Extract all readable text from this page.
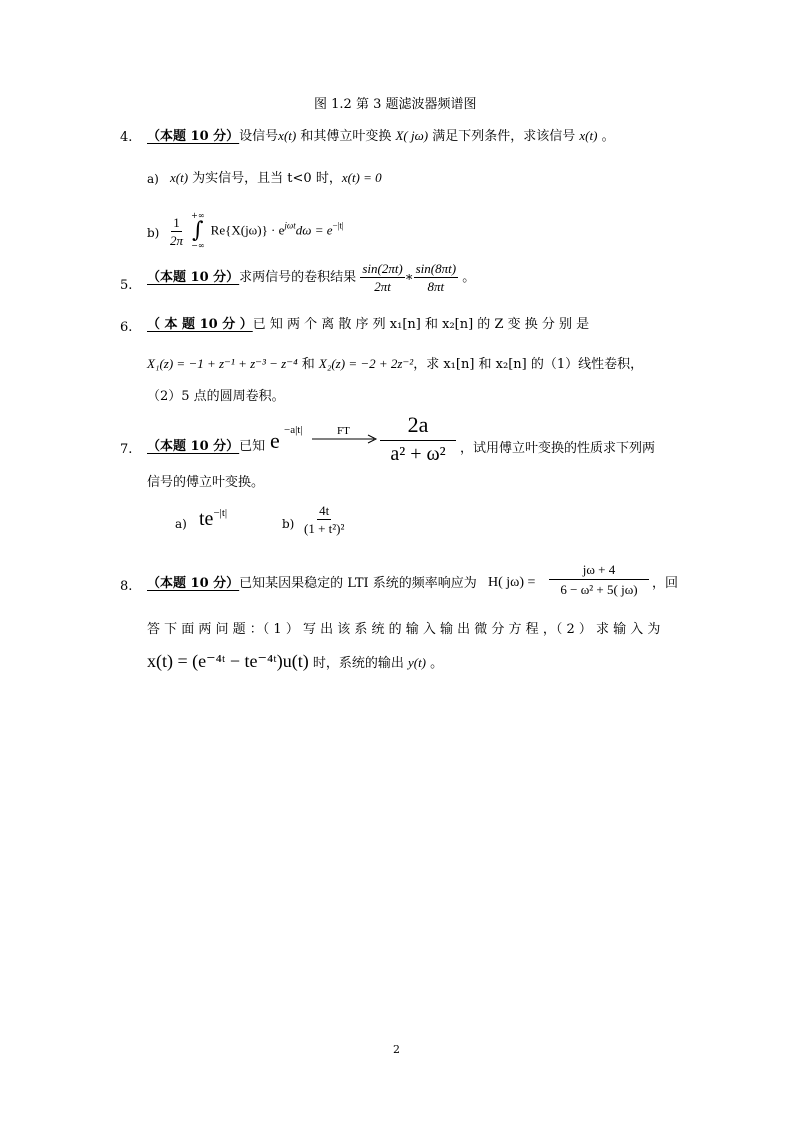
图 1.2 第 3 题滤波器频谱图
4. （本题 10 分）设信号x(t) 和其傅立叶变换 X( jω) 满足下列条件，求该信号 x(t) 。
a) x(t) 为实信号，且当 t<0 时，x(t) = 0
$b) \frac{1}{2\pi}$
+∞
∫
−∞
$Re\{X(j\omega)\} \cdot e^{j\omega t}d\omega = e^{-|t|}$
5.
（本题 10 分）求两信号的卷积结果 $\frac{\sin(2\pi t)}{2\pi t}$ ∗ $\frac{\sin(8\pi t)}{8\pi t}$ 。
6. （ 本 题 10 分 ）已 知 两 个 离 散 序 列 x₁[n] 和 x₂[n] 的 Z 变 换 分 别 是
X₁(z) = −1 + z⁻¹ + z⁻³ − z⁻⁴ 和 X₂(z) = −2 + 2z⁻²，求 x₁[n] 和 x₂[n] 的（1）线性卷积，
（2）5 点的圆周卷积。
7. （本题 10 分）已知 e −a|t|	FT	2a
a² + ω² ，试用傅立叶变换的性质求下列两
信号的傅立叶变换。
a) $te^{-|t|}$
$b) \frac{4t}{\text{(1 + t²)²}}$
8. （本题 10 分）已知某因果稳定的 LTI 系统的频率响应为 H( jω) =
jω + 4
6 − ω² + 5( jω) ，回
答 下 面 两 问 题 ：（ 1 ） 写 出 该 系 统 的 输 入 输 出 微 分 方 程 ，（ 2 ） 求 输 入 为
x(t) = (e⁻⁴ᵗ − te⁻⁴ᵗ)u(t) 时，系统的输出 y(t) 。
2
